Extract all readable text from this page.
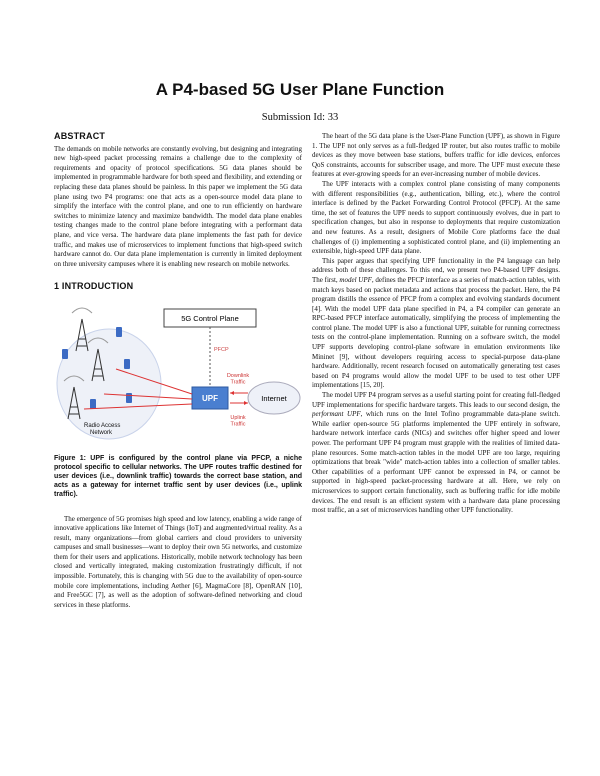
A P4-based 5G User Plane Function
Submission Id: 33
ABSTRACT

The demands on mobile networks are constantly evolving, but designing and integrating new high-speed packet processing remains a challenge due to the complexity of requirements and opacity of protocol specifications. 5G data planes should be implemented in programmable hardware for both speed and flexibility, and extending or replacing these data planes should be painless. In this paper we implement the 5G data plane using two P4 programs: one that acts as a open-source model data plane to simplify the interface with the control plane, and one to run efficiently on hardware switches to minimize latency and maximize bandwidth. The model data plane enables testing changes made to the control plane before integrating with a performant data plane, and vice versa. The hardware data plane implements the fast path for device traffic, and makes use of microservices to implement functions that high-speed switch hardware cannot do. Our data plane implementation is currently in limited deployment on three university campuses where it is enabling new research on mobile networks.

1 INTRODUCTION
Radio Access
Network
5G Control Plane
PFCP
UPF	Internet
Downlink Traffic
Uplink Traffic
Figure 1: UPF is configured by the control plane via PFCP, a niche protocol specific to cellular networks. The UPF routes traffic destined for user devices (i.e., downlink traffic) towards the correct base station, and acts as a gateway for internet traffic sent by user devices (i.e., uplink traffic).

The emergence of 5G promises high speed and low latency, enabling a wide range of innovative applications like Internet of Things (IoT) and augmented/virtual reality. As a result, many organizations—from global carriers and cloud providers to university campuses and small businesses—want to deploy their own 5G networks, and customize them for their users and applications. Historically, mobile network technology has been closed and vertically integrated, making customization frustratingly difficult, if not impossible. Fortunately, this is changing with 5G due to the availability of open-source mobile core implementations, including Aether [6], MagmaCore [8], OpenRAN [10], and Free5GC [7], as well as the adoption of software-defined networking and cloud services in these platforms.

The heart of the 5G data plane is the User-Plane Function (UPF), as shown in Figure 1. The UPF not only serves as a full-fledged IP router, but also routes traffic to mobile devices as they move between base stations, buffers traffic for idle devices, enforces QoS constraints, accounts for subscriber usage, and more. The UPF must execute these features at ever-growing speeds for an ever-increasing number of mobile devices.

The UPF interacts with a complex control plane consisting of many components with different responsibilities (e.g., authentication, billing, etc.), where the control interface is defined by the Packet Forwarding Control Protocol (PFCP). At the same time, the set of features the UPF needs to support continuously evolves, due in part to specification changes, but also in response to deployments that require customization and new features. As a result, designers of Mobile Core platforms face the dual challenges of (i) implementing a sophisticated control plane, and (ii) implementing an extensible, high-speed UPF data plane.

This paper argues that specifying UPF functionality in the P4 language can help address both of these challenges. To this end, we present two P4-based UPF designs. The first, model UPF, defines the PFCP interface as a series of match-action tables, with match keys based on packet metadata and actions that process the packet. Here, the P4 program distills the essence of PFCP from a complex and evolving standards document [4]. With the model UPF data plane specified in P4, a P4 compiler can generate an RPC-based PFCP interface automatically, simplifying the process of implementing the control plane. The model UPF is also a functional UPF, suitable for running correctness tests on the control-plane implementation. Running on a software switch, the model UPF supports developing control-plane software in emulation environments like Mininet [9], without developers requiring access to special-purpose data-plane hardware. Additionally, recent research focused on automatically generating test cases based on P4 programs would allow the model UPF to be used to test other UPF implementations [15, 20].

The model UPF P4 program serves as a useful starting point for creating full-fledged UPF implementations for specific hardware targets. This leads to our second design, the performant UPF, which runs on the Intel Tofino programmable data-plane switch. While earlier open-source 5G platforms implemented the UPF entirely in software, hardware network interface cards (NICs) and switches offer higher speed and lower power. The performant UPF P4 program must grapple with the realities of limited data-plane resources. Some match-action tables in the model UPF are too large, requiring optimizations that break "wide" match-action tables into a collection of smaller tables. Other capabilities of a performant UPF cannot be expressed in P4, or cannot be supported in high-speed packet-processing hardware at all. Here, we rely on microservices to support certain functionality, such as buffering traffic for idle mobile devices. The end result is an efficient system with a hardware data plane processing most traffic, an a set of microservices handling other UPF functionality.
